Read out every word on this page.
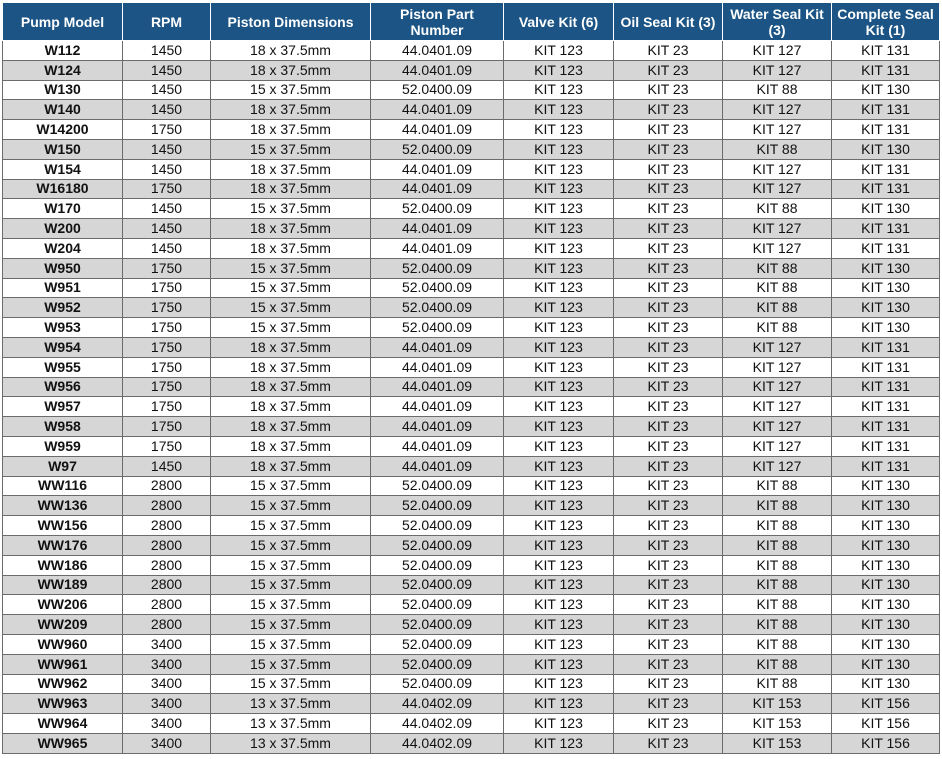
Pump Model	RPM	Piston Dimensions	Piston Part Number	Valve Kit (6)	Oil Seal Kit (3)	Water Seal Kit (3)	Complete Seal Kit (1)
W112	1450	18 x 37.5mm	44.0401.09	KIT 123	KIT 23	KIT 127	KIT 131
W124	1450	18 x 37.5mm	44.0401.09	KIT 123	KIT 23	KIT 127	KIT 131
W130	1450	15 x 37.5mm	52.0400.09	KIT 123	KIT 23	KIT 88	KIT 130
W140	1450	18 x 37.5mm	44.0401.09	KIT 123	KIT 23	KIT 127	KIT 131
W14200	1750	18 x 37.5mm	44.0401.09	KIT 123	KIT 23	KIT 127	KIT 131
W150	1450	15 x 37.5mm	52.0400.09	KIT 123	KIT 23	KIT 88	KIT 130
W154	1450	18 x 37.5mm	44.0401.09	KIT 123	KIT 23	KIT 127	KIT 131
W16180	1750	18 x 37.5mm	44.0401.09	KIT 123	KIT 23	KIT 127	KIT 131
W170	1450	15 x 37.5mm	52.0400.09	KIT 123	KIT 23	KIT 88	KIT 130
W200	1450	18 x 37.5mm	44.0401.09	KIT 123	KIT 23	KIT 127	KIT 131
W204	1450	18 x 37.5mm	44.0401.09	KIT 123	KIT 23	KIT 127	KIT 131
W950	1750	15 x 37.5mm	52.0400.09	KIT 123	KIT 23	KIT 88	KIT 130
W951	1750	15 x 37.5mm	52.0400.09	KIT 123	KIT 23	KIT 88	KIT 130
W952	1750	15 x 37.5mm	52.0400.09	KIT 123	KIT 23	KIT 88	KIT 130
W953	1750	15 x 37.5mm	52.0400.09	KIT 123	KIT 23	KIT 88	KIT 130
W954	1750	18 x 37.5mm	44.0401.09	KIT 123	KIT 23	KIT 127	KIT 131
W955	1750	18 x 37.5mm	44.0401.09	KIT 123	KIT 23	KIT 127	KIT 131
W956	1750	18 x 37.5mm	44.0401.09	KIT 123	KIT 23	KIT 127	KIT 131
W957	1750	18 x 37.5mm	44.0401.09	KIT 123	KIT 23	KIT 127	KIT 131
W958	1750	18 x 37.5mm	44.0401.09	KIT 123	KIT 23	KIT 127	KIT 131
W959	1750	18 x 37.5mm	44.0401.09	KIT 123	KIT 23	KIT 127	KIT 131
W97	1450	18 x 37.5mm	44.0401.09	KIT 123	KIT 23	KIT 127	KIT 131
WW116	2800	15 x 37.5mm	52.0400.09	KIT 123	KIT 23	KIT 88	KIT 130
WW136	2800	15 x 37.5mm	52.0400.09	KIT 123	KIT 23	KIT 88	KIT 130
WW156	2800	15 x 37.5mm	52.0400.09	KIT 123	KIT 23	KIT 88	KIT 130
WW176	2800	15 x 37.5mm	52.0400.09	KIT 123	KIT 23	KIT 88	KIT 130
WW186	2800	15 x 37.5mm	52.0400.09	KIT 123	KIT 23	KIT 88	KIT 130
WW189	2800	15 x 37.5mm	52.0400.09	KIT 123	KIT 23	KIT 88	KIT 130
WW206	2800	15 x 37.5mm	52.0400.09	KIT 123	KIT 23	KIT 88	KIT 130
WW209	2800	15 x 37.5mm	52.0400.09	KIT 123	KIT 23	KIT 88	KIT 130
WW960	3400	15 x 37.5mm	52.0400.09	KIT 123	KIT 23	KIT 88	KIT 130
WW961	3400	15 x 37.5mm	52.0400.09	KIT 123	KIT 23	KIT 88	KIT 130
WW962	3400	15 x 37.5mm	52.0400.09	KIT 123	KIT 23	KIT 88	KIT 130
WW963	3400	13 x 37.5mm	44.0402.09	KIT 123	KIT 23	KIT 153	KIT 156
WW964	3400	13 x 37.5mm	44.0402.09	KIT 123	KIT 23	KIT 153	KIT 156
WW965	3400	13 x 37.5mm	44.0402.09	KIT 123	KIT 23	KIT 153	KIT 156
